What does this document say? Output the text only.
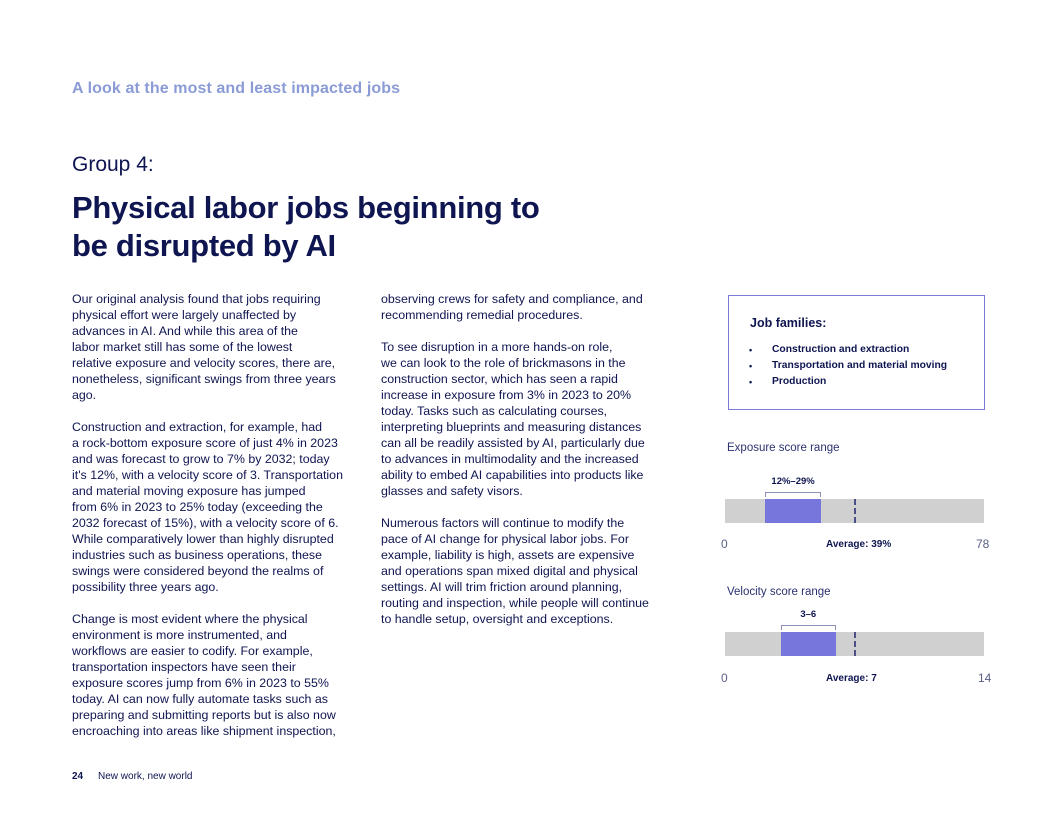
A look at the most and least impacted jobs
Group 4:
Physical labor jobs beginning to
be disrupted by AI

Our original analysis found that jobs requiring
physical effort were largely unaffected by
advances in AI. And while this area of the
labor market still has some of the lowest
relative exposure and velocity scores, there are,
nonetheless, significant swings from three years
ago.

Construction and extraction, for example, had
a rock-bottom exposure score of just 4% in 2023
and was forecast to grow to 7% by 2032; today
it's 12%, with a velocity score of 3. Transportation
and material moving exposure has jumped
from 6% in 2023 to 25% today (exceeding the
2032 forecast of 15%), with a velocity score of 6.
While comparatively lower than highly disrupted
industries such as business operations, these
swings were considered beyond the realms of
possibility three years ago.

Change is most evident where the physical
environment is more instrumented, and
workflows are easier to codify. For example,
transportation inspectors have seen their
exposure scores jump from 6% in 2023 to 55%
today. AI can now fully automate tasks such as
preparing and submitting reports but is also now
encroaching into areas like shipment inspection,

observing crews for safety and compliance, and
recommending remedial procedures.

To see disruption in a more hands-on role,
we can look to the role of brickmasons in the
construction sector, which has seen a rapid
increase in exposure from 3% in 2023 to 20%
today. Tasks such as calculating courses,
interpreting blueprints and measuring distances
can all be readily assisted by AI, particularly due
to advances in multimodality and the increased
ability to embed AI capabilities into products like
glasses and safety visors.

Numerous factors will continue to modify the
pace of AI change for physical labor jobs. For
example, liability is high, assets are expensive
and operations span mixed digital and physical
settings. AI will trim friction around planning,
routing and inspection, while people will continue
to handle setup, oversight and exceptions.

Job families:
•	Construction and extraction
•	Transportation and material moving
•	Production
Exposure score range
12%–29%
0	Average: 39%	78
Velocity score range
3–6
0	Average: 7	14
24 New work, new world
